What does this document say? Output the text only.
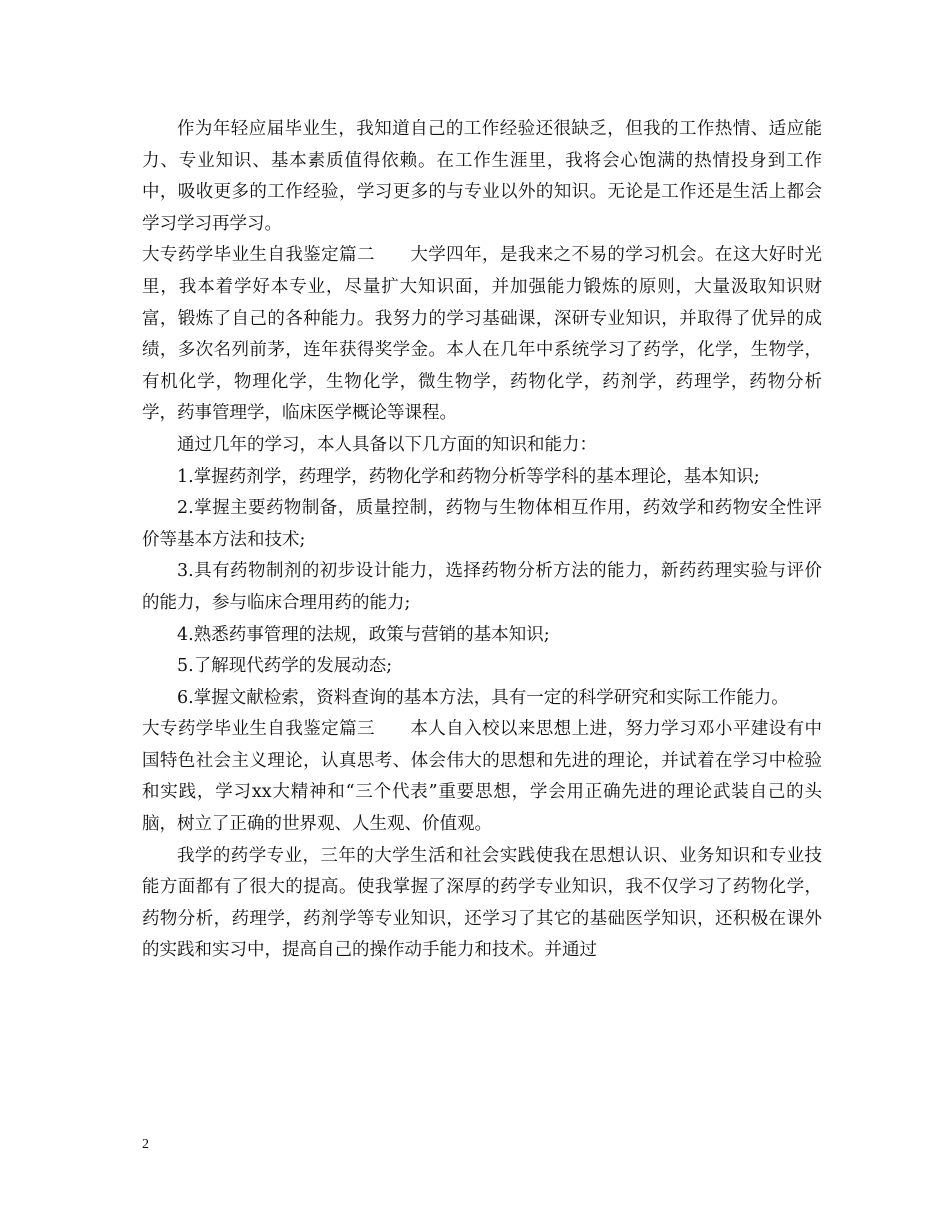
作为年轻应届毕业生，我知道自己的工作经验还很缺乏，但我的工作热情、适应能力、专业知识、基本素质值得依赖。在工作生涯里，我将会心饱满的热情投身到工作中，吸收更多的工作经验，学习更多的与专业以外的知识。无论是工作还是生活上都会学习学习再学习。

大专药学毕业生自我鉴定篇二 大学四年，是我来之不易的学习机会。在这大好时光里，我本着学好本专业，尽量扩大知识面，并加强能力锻炼的原则，大量汲取知识财富，锻炼了自己的各种能力。我努力的学习基础课，深研专业知识，并取得了优异的成绩，多次名列前茅，连年获得奖学金。本人在几年中系统学习了药学，化学，生物学，有机化学，物理化学，生物化学，微生物学，药物化学，药剂学，药理学，药物分析学，药事管理学，临床医学概论等课程。

通过几年的学习，本人具备以下几方面的知识和能力：

1.掌握药剂学，药理学，药物化学和药物分析等学科的基本理论，基本知识;

2.掌握主要药物制备，质量控制，药物与生物体相互作用，药效学和药物安全性评价等基本方法和技术;

3.具有药物制剂的初步设计能力，选择药物分析方法的能力，新药药理实验与评价的能力，参与临床合理用药的能力;

4.熟悉药事管理的法规，政策与营销的基本知识;

5.了解现代药学的发展动态;

6.掌握文献检索，资料查询的基本方法，具有一定的科学研究和实际工作能力。

大专药学毕业生自我鉴定篇三 本人自入校以来思想上进，努力学习邓小平建设有中国特色社会主义理论，认真思考、体会伟大的思想和先进的理论，并试着在学习中检验和实践，学习xx大精神和“三个代表”重要思想，学会用正确先进的理论武装自己的头脑，树立了正确的世界观、人生观、价值观。

我学的药学专业，三年的大学生活和社会实践使我在思想认识、业务知识和专业技能方面都有了很大的提高。使我掌握了深厚的药学专业知识，我不仅学习了药物化学，药物分析，药理学，药剂学等专业知识，还学习了其它的基础医学知识，还积极在课外的实践和实习中，提高自己的操作动手能力和技术。并通过

2
